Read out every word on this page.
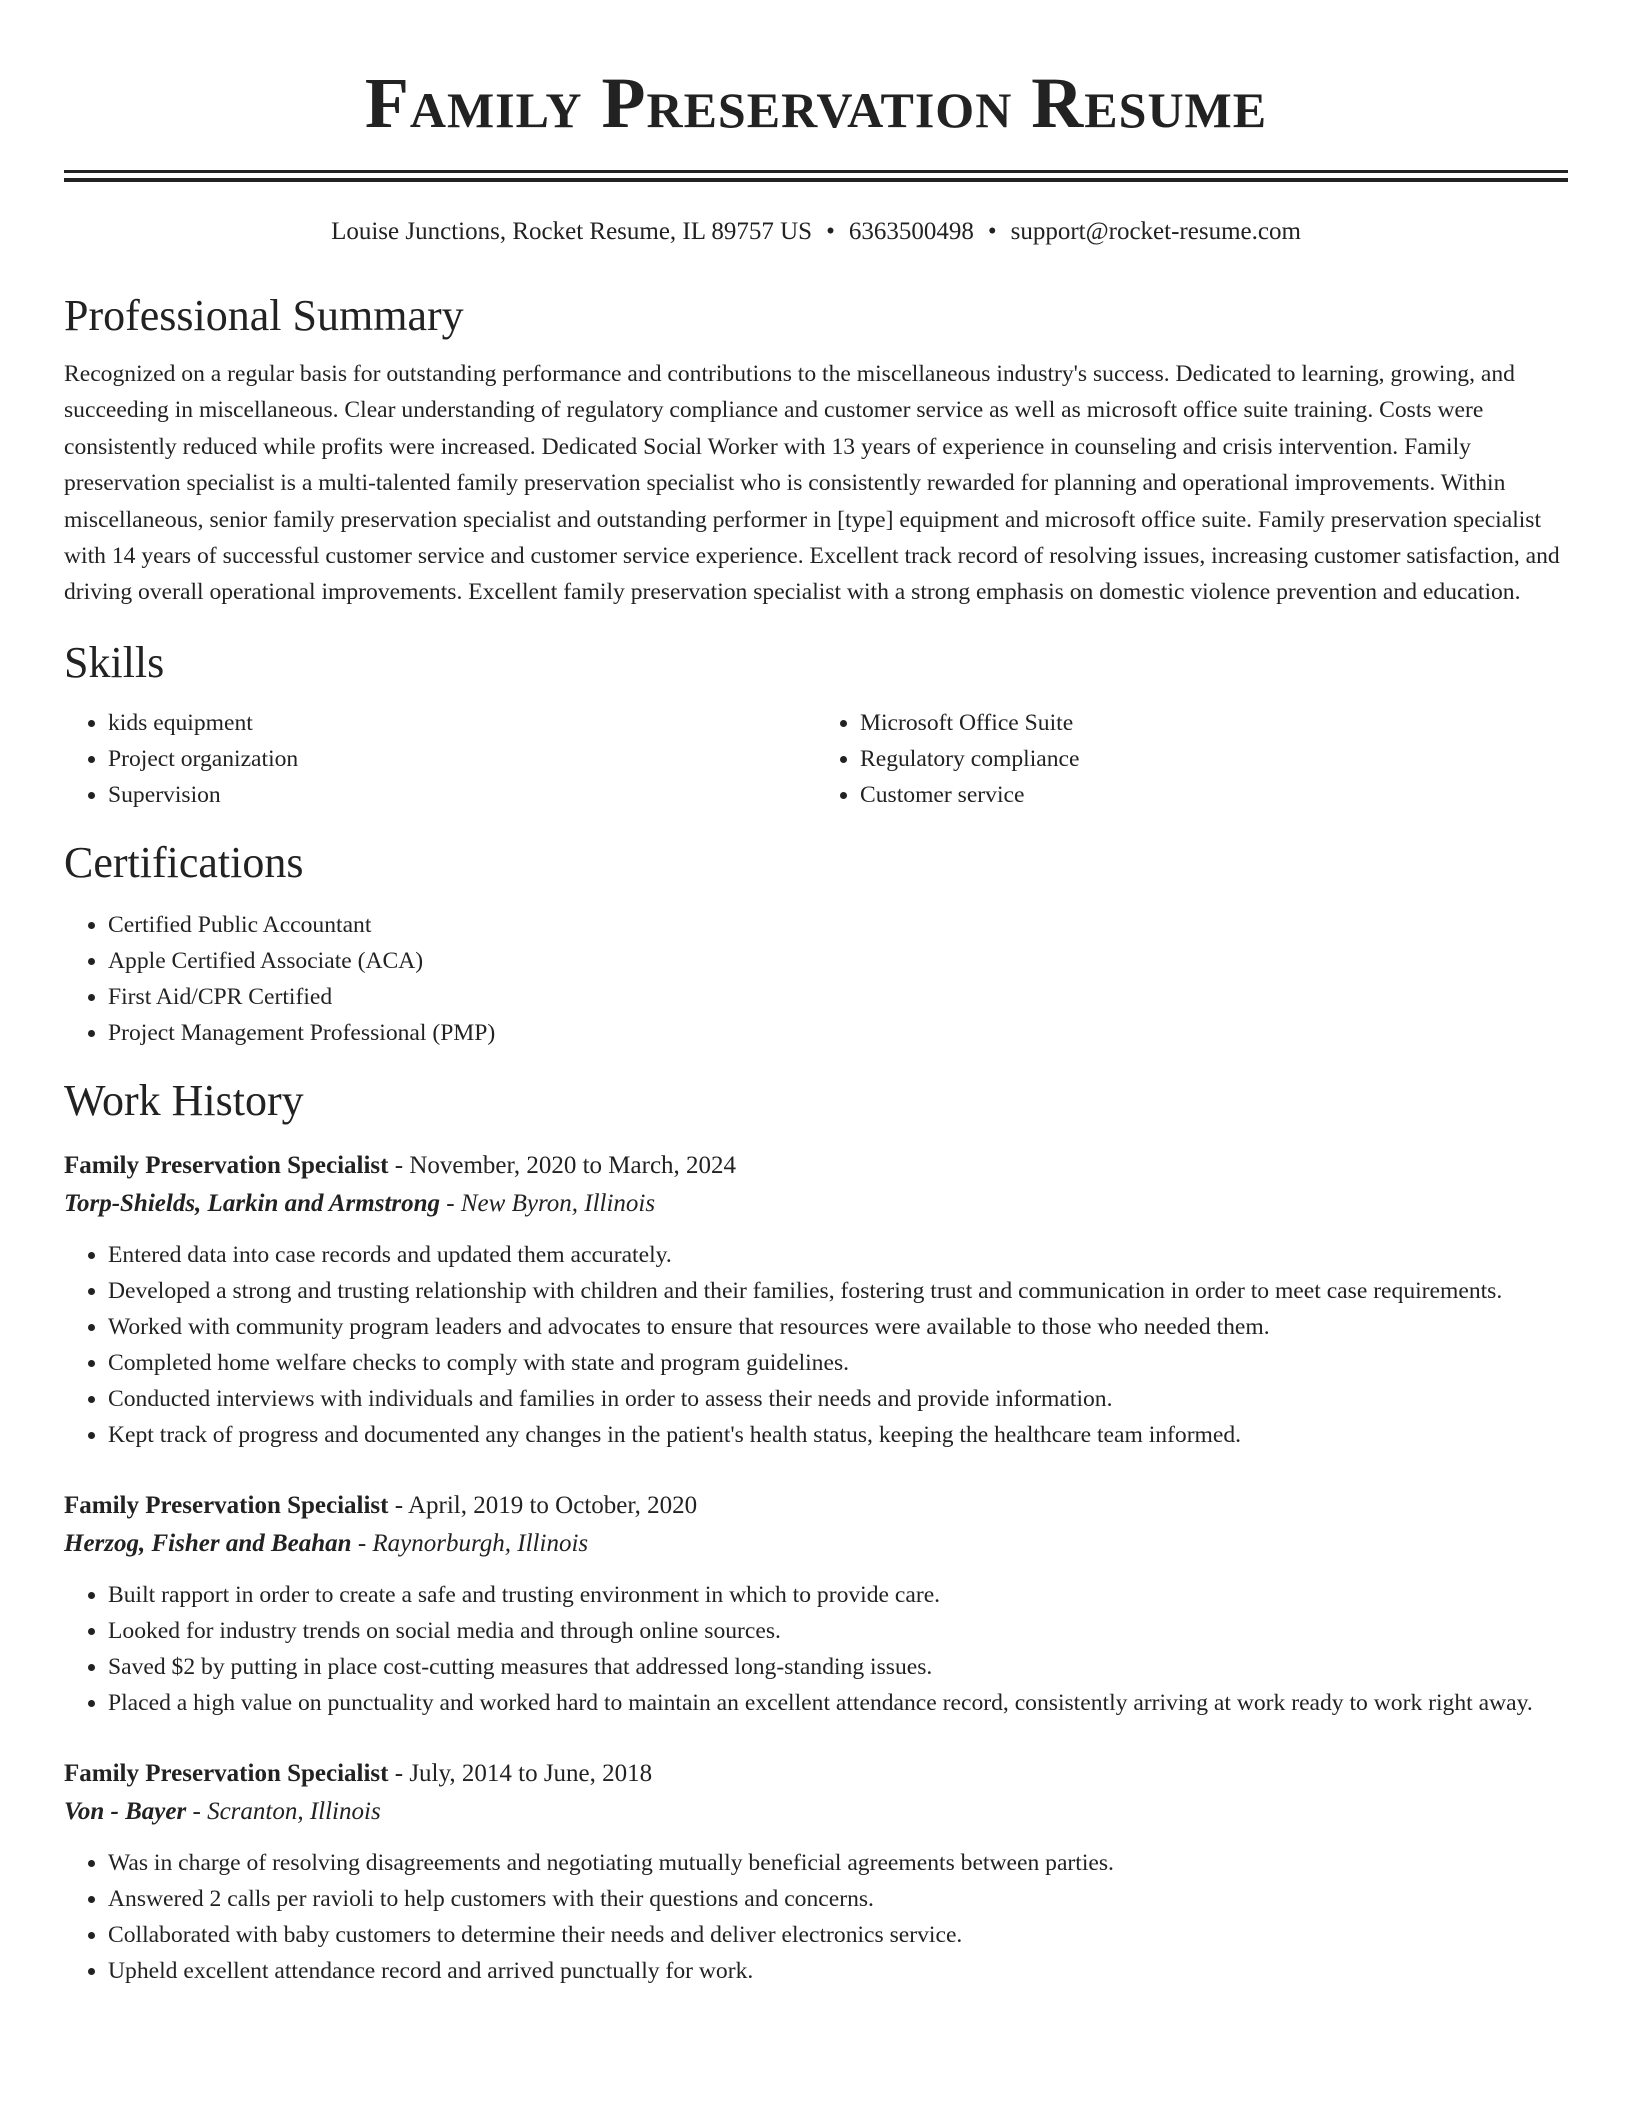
Family Preservation Resume
Louise Junctions, Rocket Resume, IL 89757 US • 6363500498 • support@rocket-resume.com
Professional Summary

Recognized on a regular basis for outstanding performance and contributions to the miscellaneous industry's success. Dedicated to learning, growing, and succeeding in miscellaneous. Clear understanding of regulatory compliance and customer service as well as microsoft office suite training. Costs were consistently reduced while profits were increased. Dedicated Social Worker with 13 years of experience in counseling and crisis intervention. Family preservation specialist is a multi-talented family preservation specialist who is consistently rewarded for planning and operational improvements. Within miscellaneous, senior family preservation specialist and outstanding performer in [type] equipment and microsoft office suite. Family preservation specialist with 14 years of successful customer service and customer service experience. Excellent track record of resolving issues, increasing customer satisfaction, and driving overall operational improvements. Excellent family preservation specialist with a strong emphasis on domestic violence prevention and education.

Skills
• kids equipment
• Project organization
• Supervision
• Microsoft Office Suite
• Regulatory compliance
• Customer service
Certifications
• Certified Public Accountant
• Apple Certified Associate (ACA)
• First Aid/CPR Certified
• Project Management Professional (PMP)
Work History
Family Preservation Specialist - November, 2020 to March, 2024
Torp-Shields, Larkin and Armstrong - New Byron, Illinois
• Entered data into case records and updated them accurately.
• Developed a strong and trusting relationship with children and their families, fostering trust and communication in order to meet case requirements.
• Worked with community program leaders and advocates to ensure that resources were available to those who needed them.
• Completed home welfare checks to comply with state and program guidelines.
• Conducted interviews with individuals and families in order to assess their needs and provide information.
• Kept track of progress and documented any changes in the patient's health status, keeping the healthcare team informed.
Family Preservation Specialist - April, 2019 to October, 2020
Herzog, Fisher and Beahan - Raynorburgh, Illinois
• Built rapport in order to create a safe and trusting environment in which to provide care.
• Looked for industry trends on social media and through online sources.
• Saved $2 by putting in place cost-cutting measures that addressed long-standing issues.
• Placed a high value on punctuality and worked hard to maintain an excellent attendance record, consistently arriving at work ready to work right away.
Family Preservation Specialist - July, 2014 to June, 2018
Von - Bayer - Scranton, Illinois
• Was in charge of resolving disagreements and negotiating mutually beneficial agreements between parties.
• Answered 2 calls per ravioli to help customers with their questions and concerns.
• Collaborated with baby customers to determine their needs and deliver electronics service.
• Upheld excellent attendance record and arrived punctually for work.
